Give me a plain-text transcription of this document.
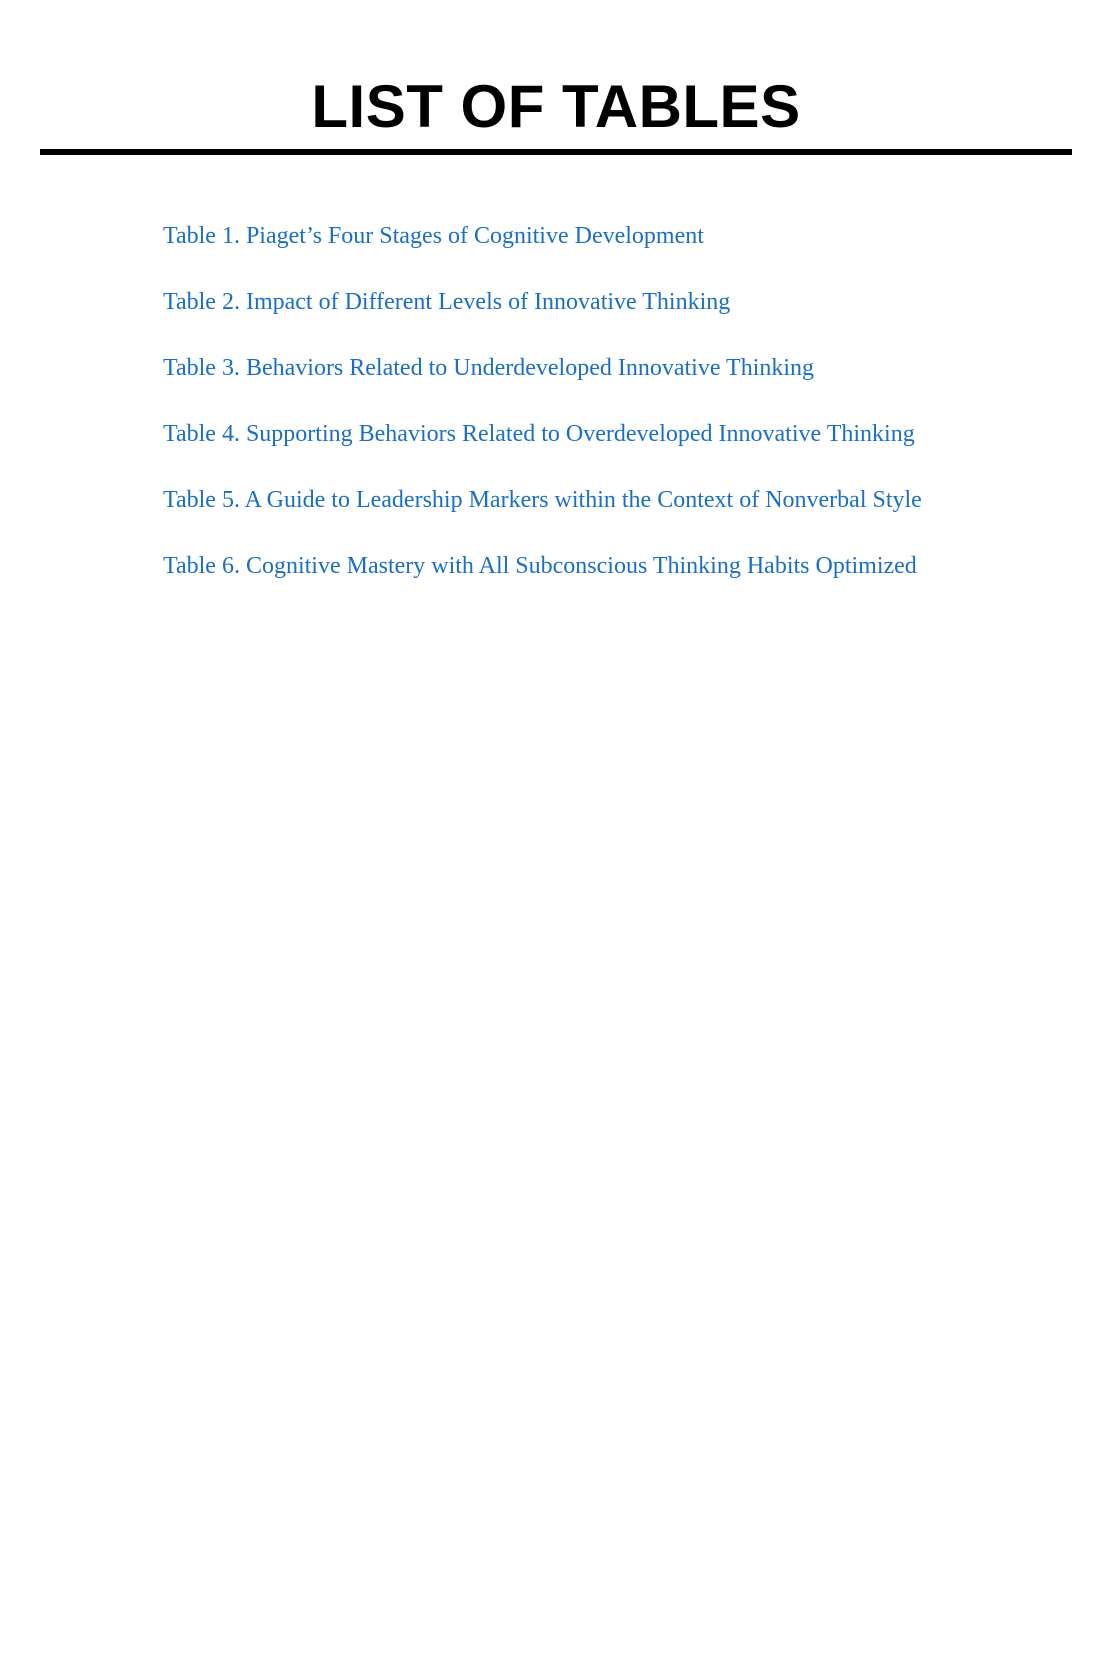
LIST OF TABLES
Table 1. Piaget’s Four Stages of Cognitive Development
Table 2. Impact of Different Levels of Innovative Thinking
Table 3. Behaviors Related to Underdeveloped Innovative Thinking
Table 4. Supporting Behaviors Related to Overdeveloped Innovative Thinking
Table 5. A Guide to Leadership Markers within the Context of Nonverbal Style
Table 6. Cognitive Mastery with All Subconscious Thinking Habits Optimized
